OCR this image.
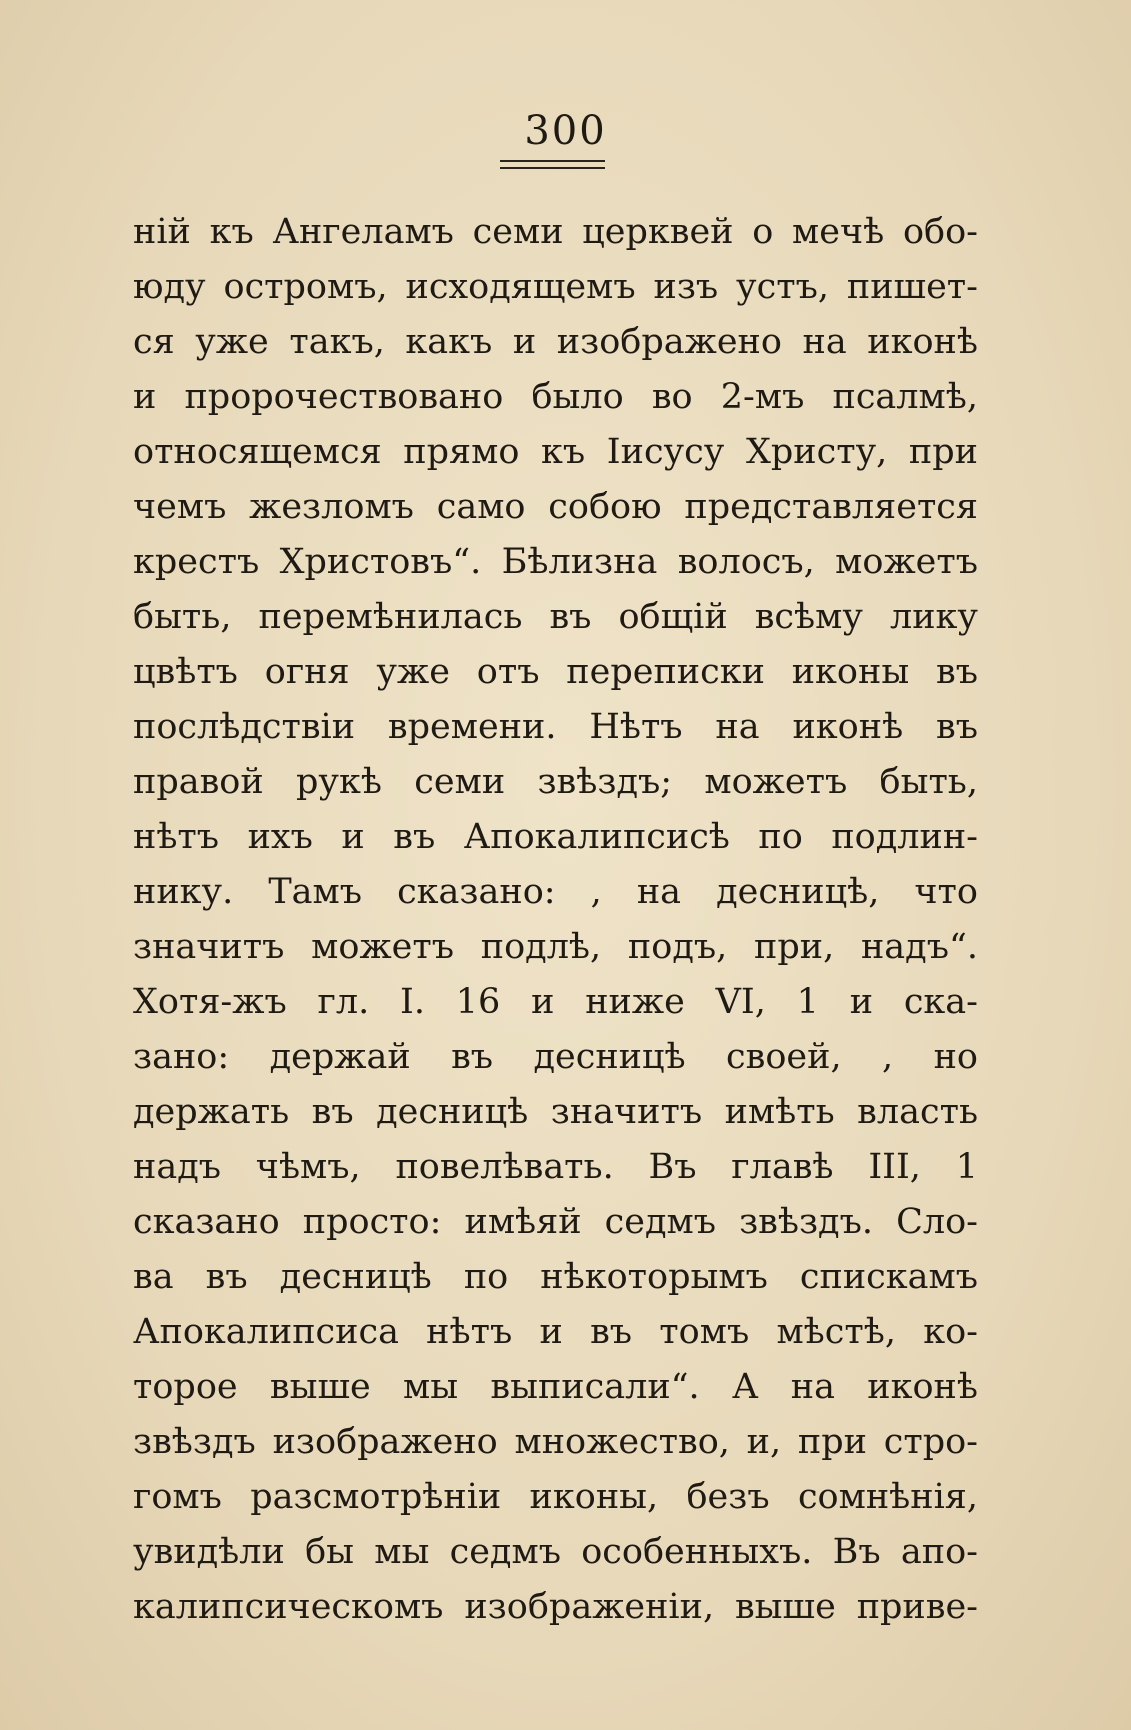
300
ній къ Ангеламъ семи церквей о мечѣ обо-
юду остромъ, исходящемъ изъ устъ, пишет-
ся уже такъ, какъ и изображено на иконѣ
и пророчествовано было во 2-мъ псалмѣ,
относящемся прямо къ Іисусу Христу, при
чемъ жезломъ само собою представляется
крестъ Христовъ“. Бѣлизна волосъ, можетъ
быть, перемѣнилась въ общій всѣму лику
цвѣтъ огня уже отъ переписки иконы въ
послѣдствіи времени. Нѣтъ на иконѣ въ
правой рукѣ семи звѣздъ; можетъ быть,
нѣтъ ихъ и въ Апокалипсисѣ по подлин-
нику. Тамъ сказано: , на десницѣ, что
значитъ можетъ подлѣ, подъ, при, надъ“.
Хотя-жъ гл. I. 16 и ниже VI, 1 и ска-
зано: держай въ десницѣ своей, , но
держать въ десницѣ значитъ имѣть власть
надъ чѣмъ, повелѣвать. Въ главѣ III, 1
сказано просто: имѣяй седмъ звѣздъ. Сло-
ва въ десницѣ по нѣкоторымъ спискамъ
Апокалипсиса нѣтъ и въ томъ мѣстѣ, ко-
торое выше мы выписали“. А на иконѣ
звѣздъ изображено множество, и, при стро-
гомъ разсмотрѣніи иконы, безъ сомнѣнія,
увидѣли бы мы седмъ особенныхъ. Въ апо-
калипсическомъ изображеніи, выше приве-
